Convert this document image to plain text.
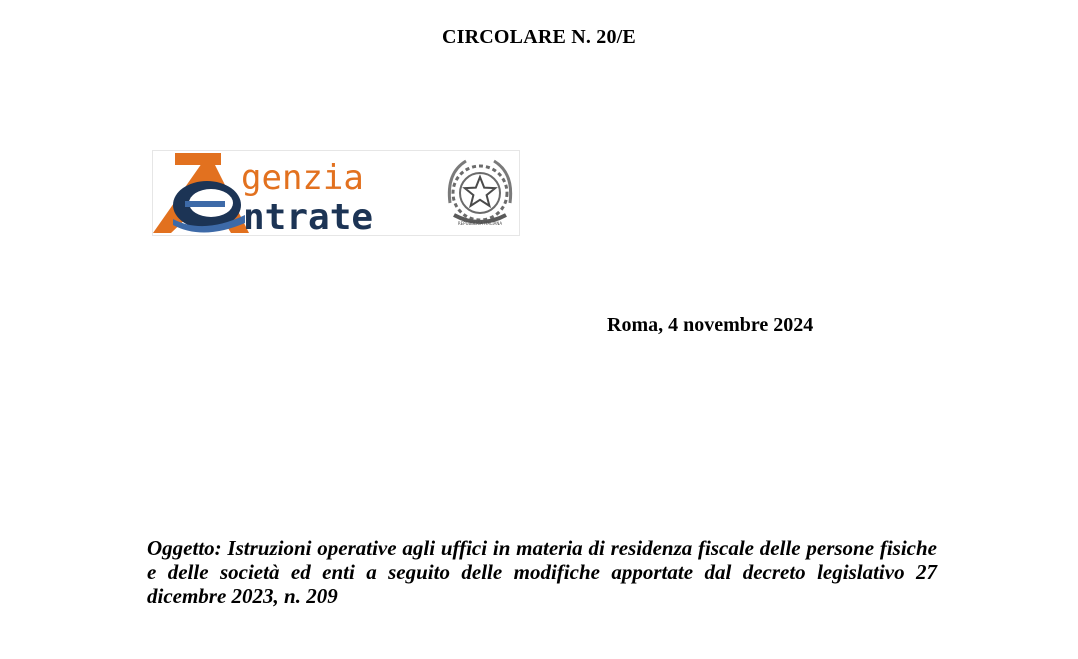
CIRCOLARE N. 20/E
genzia
ntrate	REPUBBLICA ITALIANA
Roma, 4 novembre 2024
Oggetto: Istruzioni operative agli uffici in materia di residenza fiscale delle persone fisiche e delle società ed enti a seguito delle modifiche apportate dal decreto legislativo 27 dicembre 2023, n. 209
